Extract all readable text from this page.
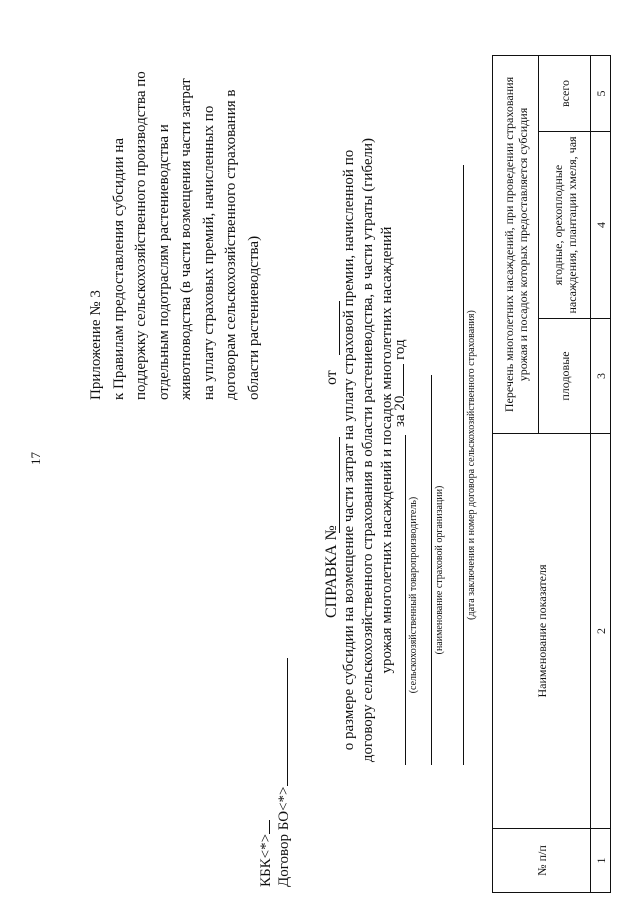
17
Приложение № 3 к Правилам предоставления субсидии на поддержку сельскохозяйственного производства по отдельным подотраслям растениеводства и животноводства (в части возмещения части затрат на уплату страховых премий, начисленных по договорам сельскохозяйственного страхования в области растениеводства)
КБК<*> Договор БО<*>
СПРАВКА №
от о размере субсидии на возмещение части затрат на уплату страховой премии, начисленной по договору сельскохозяйственного страхования в области растениеводства, в части утраты (гибели) урожая многолетних насаждений и посадок многолетних насаждений (сельскохозяйственный товаропроизводитель)
за 20 год
(наименование страховой организации) (дата заключения и номер договора сельскохозяйственного страхования)
№ п/п	Наименование показателя	Перечень многолетних насаждений, при проведении страхования урожая и посадок которых предоставляется субсидия		
		плодовые	ягодные, орехоплодные насаждения, плантации хмеля, чая	всего
1	2	3	4	5
